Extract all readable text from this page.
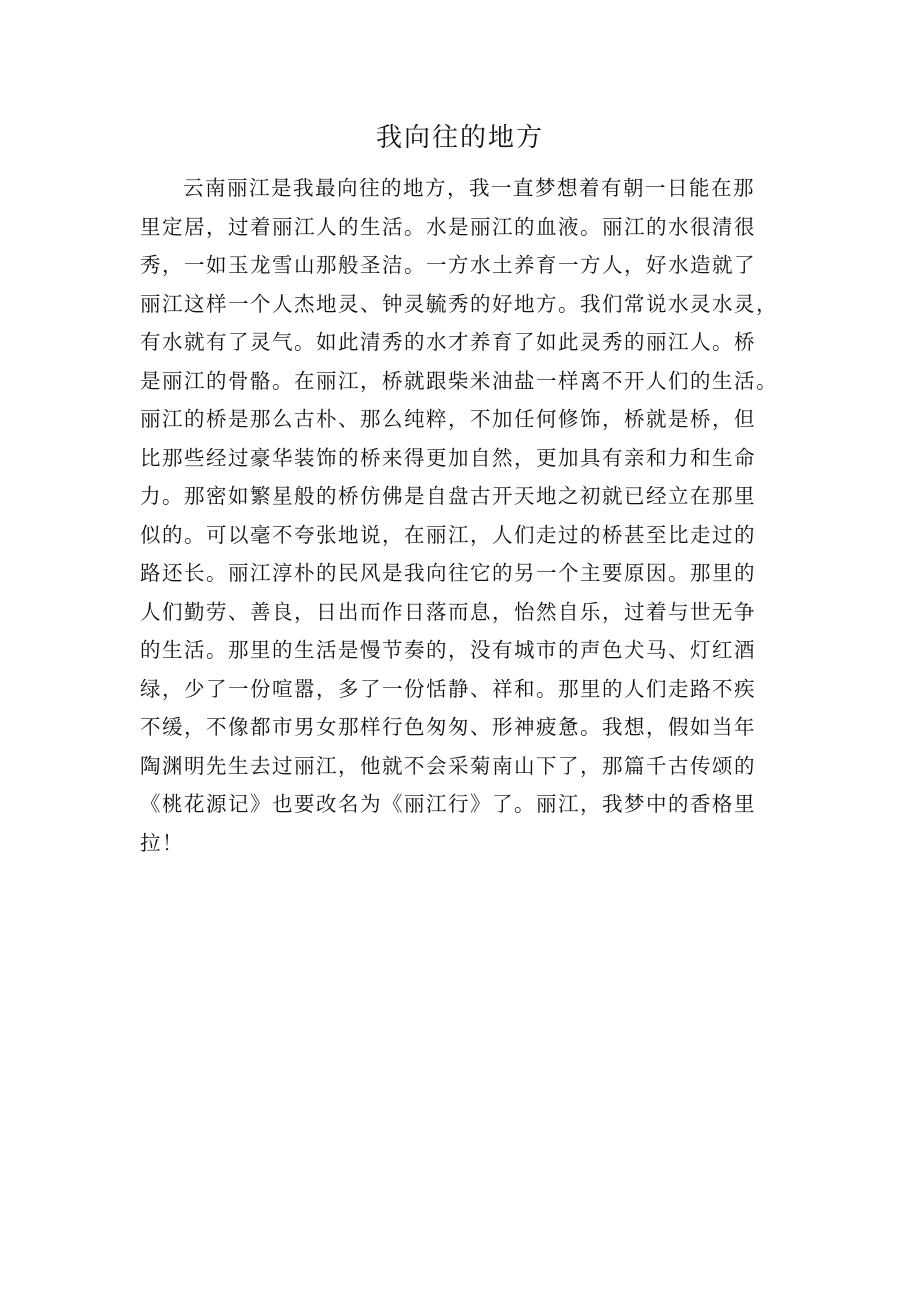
我向往的地方
云南丽江是我最向往的地方，我一直梦想着有朝一日能在那
里定居，过着丽江人的生活。水是丽江的血液。丽江的水很清很
秀，一如玉龙雪山那般圣洁。一方水土养育一方人，好水造就了
丽江这样一个人杰地灵、钟灵毓秀的好地方。我们常说水灵水灵，
有水就有了灵气。如此清秀的水才养育了如此灵秀的丽江人。桥
是丽江的骨骼。在丽江，桥就跟柴米油盐一样离不开人们的生活。
丽江的桥是那么古朴、那么纯粹，不加任何修饰，桥就是桥，但
比那些经过豪华装饰的桥来得更加自然，更加具有亲和力和生命
力。那密如繁星般的桥仿佛是自盘古开天地之初就已经立在那里
似的。可以毫不夸张地说，在丽江，人们走过的桥甚至比走过的
路还长。丽江淳朴的民风是我向往它的另一个主要原因。那里的
人们勤劳、善良，日出而作日落而息，怡然自乐，过着与世无争
的生活。那里的生活是慢节奏的，没有城市的声色犬马、灯红酒
绿，少了一份喧嚣，多了一份恬静、祥和。那里的人们走路不疾
不缓，不像都市男女那样行色匆匆、形神疲惫。我想，假如当年
陶渊明先生去过丽江，他就不会采菊南山下了，那篇千古传颂的
《桃花源记》也要改名为《丽江行》了。丽江，我梦中的香格里
拉！
